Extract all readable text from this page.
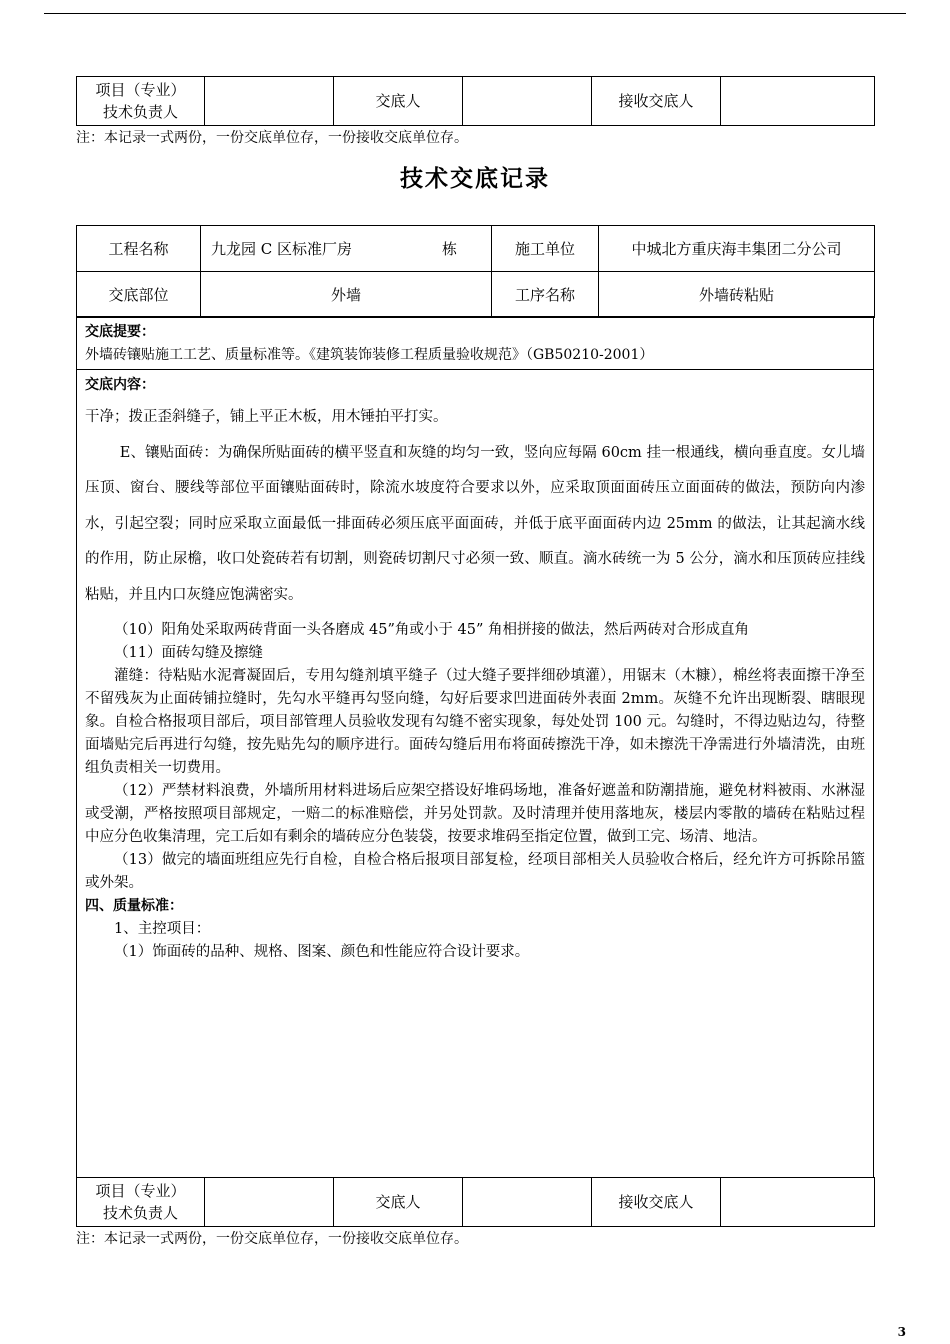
项目（专业）
技术负责人		交底人		接收交底人	
注：本记录一式两份，一份交底单位存，一份接收交底单位存。
技术交底记录
工程名称	九龙园 C 区标准厂房 栋	施工单位	中城北方重庆海丰集团二分公司
交底部位	外墙	工序名称	外墙砖粘贴
交底提要：
外墙砖镶贴施工工艺、质量标准等。《建筑装饰装修工程质量验收规范》（GB50210-2001）
交底内容：

干净；拨正歪斜缝子，铺上平正木板，用木锤拍平打实。

E、镶贴面砖：为确保所贴面砖的横平竖直和灰缝的均匀一致，竖向应每隔 60cm 挂一根通线，横向垂直度。女儿墙压顶、窗台、腰线等部位平面镶贴面砖时，除流水坡度符合要求以外，应采取顶面面砖压立面面砖的做法，预防向内渗水，引起空裂；同时应采取立面最低一排面砖必须压底平面面砖，并低于底平面面砖内边 25mm 的做法，让其起滴水线的作用，防止尿檐，收口处瓷砖若有切割，则瓷砖切割尺寸必须一致、顺直。滴水砖统一为 5 公分，滴水和压顶砖应挂线粘贴，并且内口灰缝应饱满密实。

（10）阳角处采取两砖背面一头各磨成 45”角或小于 45” 角相拼接的做法，然后两砖对合形成直角

（11）面砖勾缝及擦缝

灌缝：待粘贴水泥膏凝固后，专用勾缝剂填平缝子（过大缝子要拌细砂填灌），用锯末（木糠），棉丝将表面擦干净至不留残灰为止面砖铺拉缝时，先勾水平缝再勾竖向缝，勾好后要求凹进面砖外表面 2mm。灰缝不允许出现断裂、瞎眼现象。自检合格报项目部后，项目部管理人员验收发现有勾缝不密实现象，每处处罚 100 元。勾缝时，不得边贴边勾，待整面墙贴完后再进行勾缝，按先贴先勾的顺序进行。面砖勾缝后用布将面砖擦洗干净，如未擦洗干净需进行外墙清洗，由班组负责相关一切费用。

（12）严禁材料浪费，外墙所用材料进场后应架空搭设好堆码场地，准备好遮盖和防潮措施，避免材料被雨、水淋湿或受潮，严格按照项目部规定，一赔二的标准赔偿，并另处罚款。及时清理并使用落地灰，楼层内零散的墙砖在粘贴过程中应分色收集清理，完工后如有剩余的墙砖应分色装袋，按要求堆码至指定位置，做到工完、场清、地洁。

（13）做完的墙面班组应先行自检，自检合格后报项目部复检，经项目部相关人员验收合格后，经允许方可拆除吊篮或外架。

四、质量标准：

1、主控项目：

（1）饰面砖的品种、规格、图案、颜色和性能应符合设计要求。

项目（专业）
技术负责人		交底人		接收交底人	
注：本记录一式两份，一份交底单位存，一份接收交底单位存。
3
